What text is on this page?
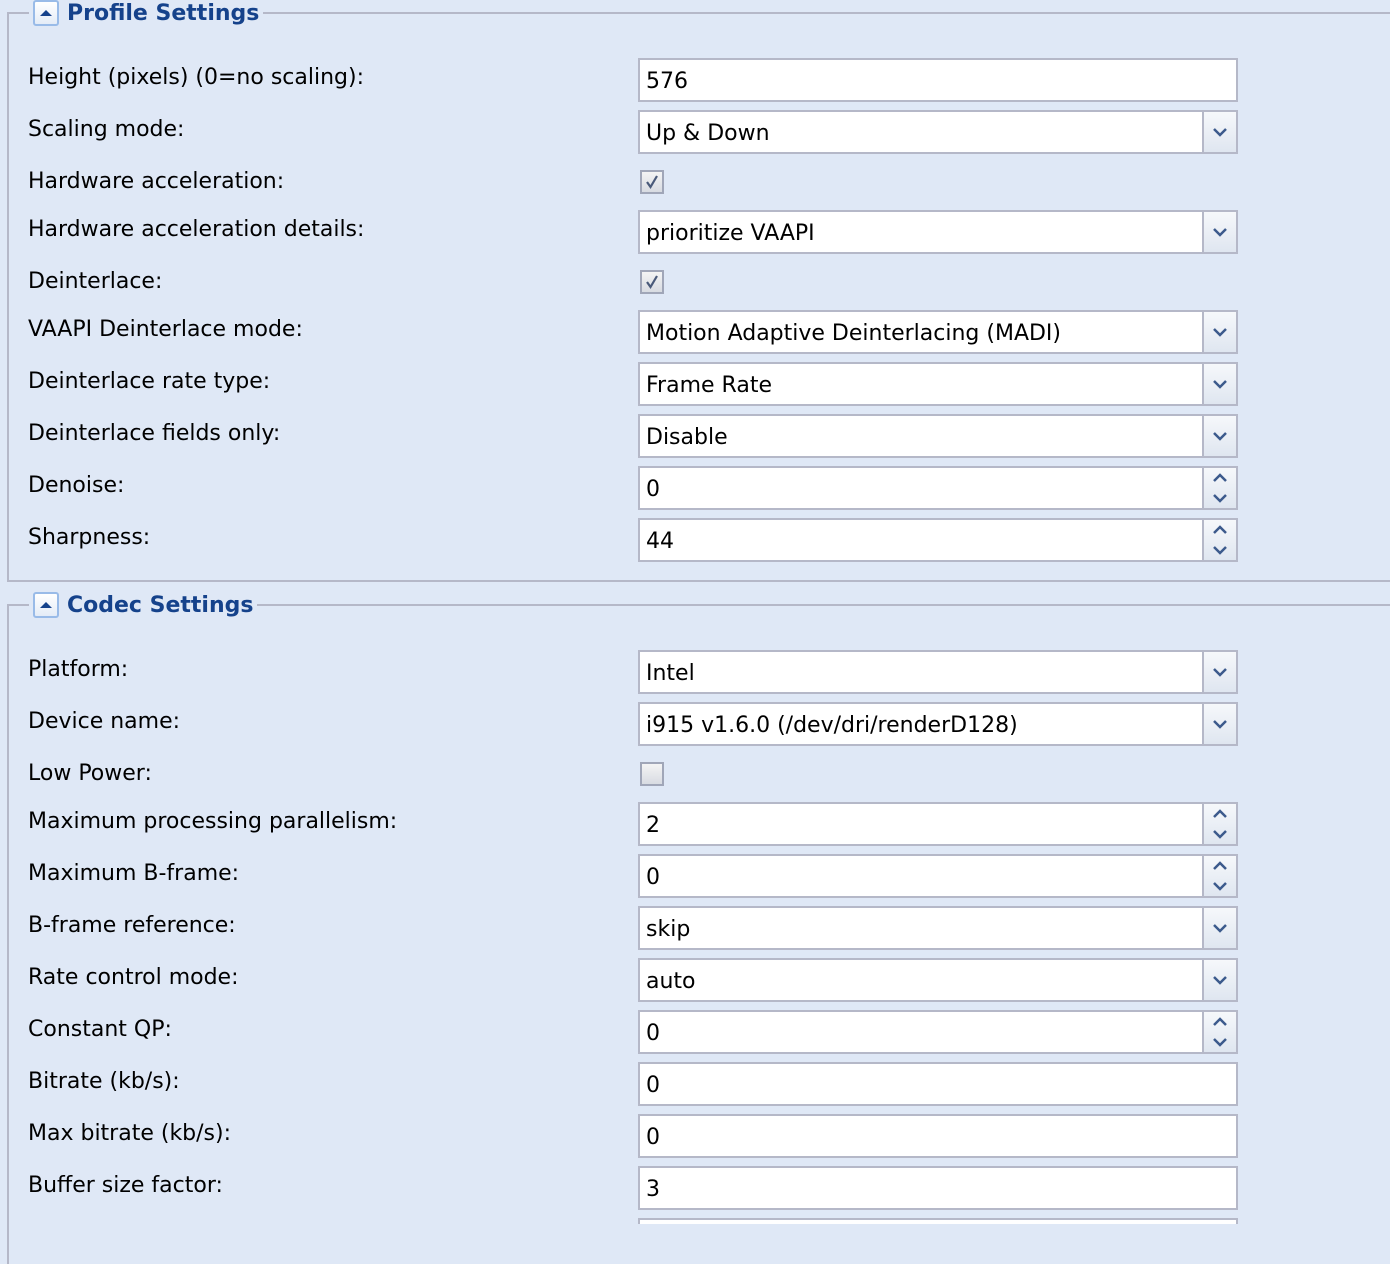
Profile Settings
Height (pixels) (0=no scaling):	576
Scaling mode:	Up & Down
Hardware acceleration:
Hardware acceleration details:	prioritize VAAPI
Deinterlace:
VAAPI Deinterlace mode:	Motion Adaptive Deinterlacing (MADI)
Deinterlace rate type:	Frame Rate
Deinterlace fields only:	Disable
Denoise:	0
Sharpness:	44
Codec Settings
Platform:	Intel
Device name:	i915 v1.6.0 (/dev/dri/renderD128)
Low Power:
Maximum processing parallelism:	2
Maximum B-frame:	0
B-frame reference:	skip
Rate control mode:	auto
Constant QP:	0
Bitrate (kb/s):	0
Max bitrate (kb/s):	0
Buffer size factor:	3
